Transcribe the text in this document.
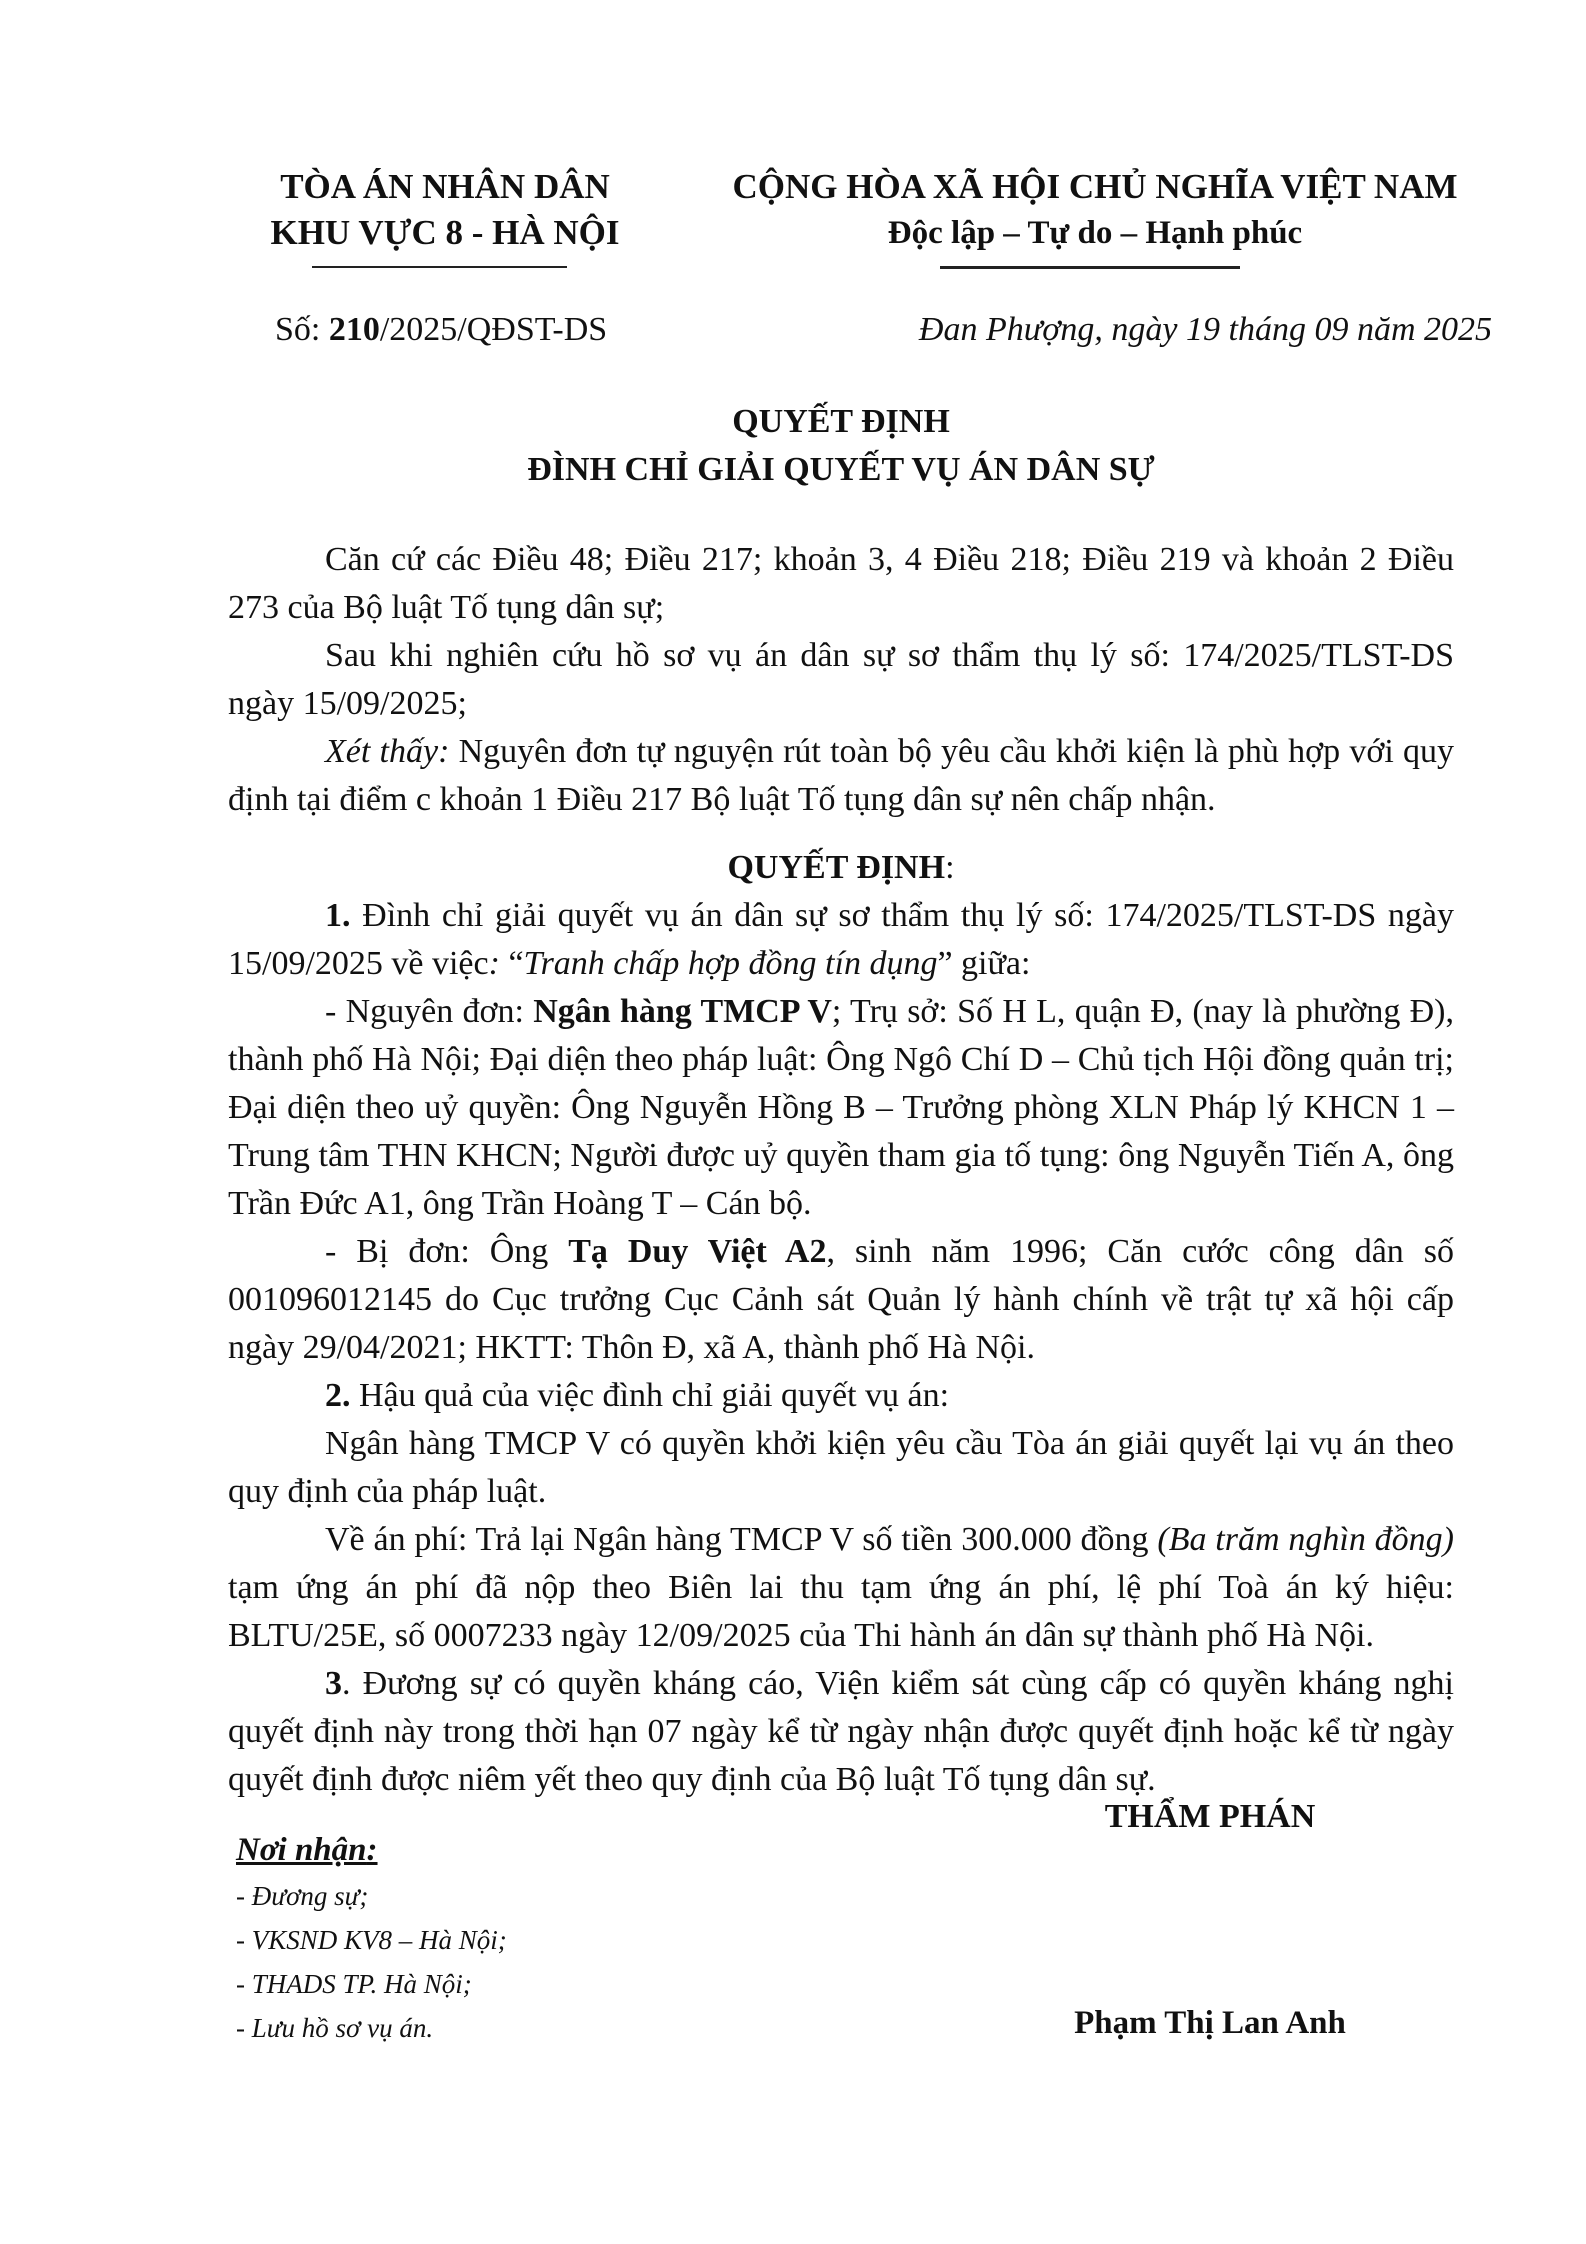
TÒA ÁN NHÂN DÂN
KHU VỰC 8 - HÀ NỘI
CỘNG HÒA XÃ HỘI CHỦ NGHĨA VIỆT NAM
Độc lập – Tự do – Hạnh phúc
Số: 210/2025/QĐST-DS	Đan Phượng, ngày 19 tháng 09 năm 2025
QUYẾT ĐỊNH
ĐÌNH CHỈ GIẢI QUYẾT VỤ ÁN DÂN SỰ

Căn cứ các Điều 48; Điều 217; khoản 3, 4 Điều 218; Điều 219 và khoản 2 Điều 273 của Bộ luật Tố tụng dân sự;

Sau khi nghiên cứu hồ sơ vụ án dân sự sơ thẩm thụ lý số: 174/2025/TLST-DS ngày 15/09/2025;

Xét thấy: Nguyên đơn tự nguyện rút toàn bộ yêu cầu khởi kiện là phù hợp với quy định tại điểm c khoản 1 Điều 217 Bộ luật Tố tụng dân sự nên chấp nhận.

QUYẾT ĐỊNH:

1. Đình chỉ giải quyết vụ án dân sự sơ thẩm thụ lý số: 174/2025/TLST-DS ngày 15/09/2025 về việc: “Tranh chấp hợp đồng tín dụng” giữa:

- Nguyên đơn: Ngân hàng TMCP V; Trụ sở: Số H L, quận Đ, (nay là phường Đ), thành phố Hà Nội; Đại diện theo pháp luật: Ông Ngô Chí D – Chủ tịch Hội đồng quản trị; Đại diện theo uỷ quyền: Ông Nguyễn Hồng B – Trưởng phòng XLN Pháp lý KHCN 1 – Trung tâm THN KHCN; Người được uỷ quyền tham gia tố tụng: ông Nguyễn Tiến A, ông Trần Đức A1, ông Trần Hoàng T – Cán bộ.

- Bị đơn: Ông Tạ Duy Việt A2, sinh năm 1996; Căn cước công dân số 001096012145 do Cục trưởng Cục Cảnh sát Quản lý hành chính về trật tự xã hội cấp ngày 29/04/2021; HKTT: Thôn Đ, xã A, thành phố Hà Nội.

2. Hậu quả của việc đình chỉ giải quyết vụ án:

Ngân hàng TMCP V có quyền khởi kiện yêu cầu Tòa án giải quyết lại vụ án theo quy định của pháp luật.

Về án phí: Trả lại Ngân hàng TMCP V số tiền 300.000 đồng (Ba trăm nghìn đồng) tạm ứng án phí đã nộp theo Biên lai thu tạm ứng án phí, lệ phí Toà án ký hiệu: BLTU/25E, số 0007233 ngày 12/09/2025 của Thi hành án dân sự thành phố Hà Nội.

3. Đương sự có quyền kháng cáo, Viện kiểm sát cùng cấp có quyền kháng nghị quyết định này trong thời hạn 07 ngày kể từ ngày nhận được quyết định hoặc kể từ ngày quyết định được niêm yết theo quy định của Bộ luật Tố tụng dân sự.

Nơi nhận:
- Đương sự;
- VKSND KV8 – Hà Nội;
- THADS TP. Hà Nội;
- Lưu hồ sơ vụ án.
THẨM PHÁN
Phạm Thị Lan Anh
